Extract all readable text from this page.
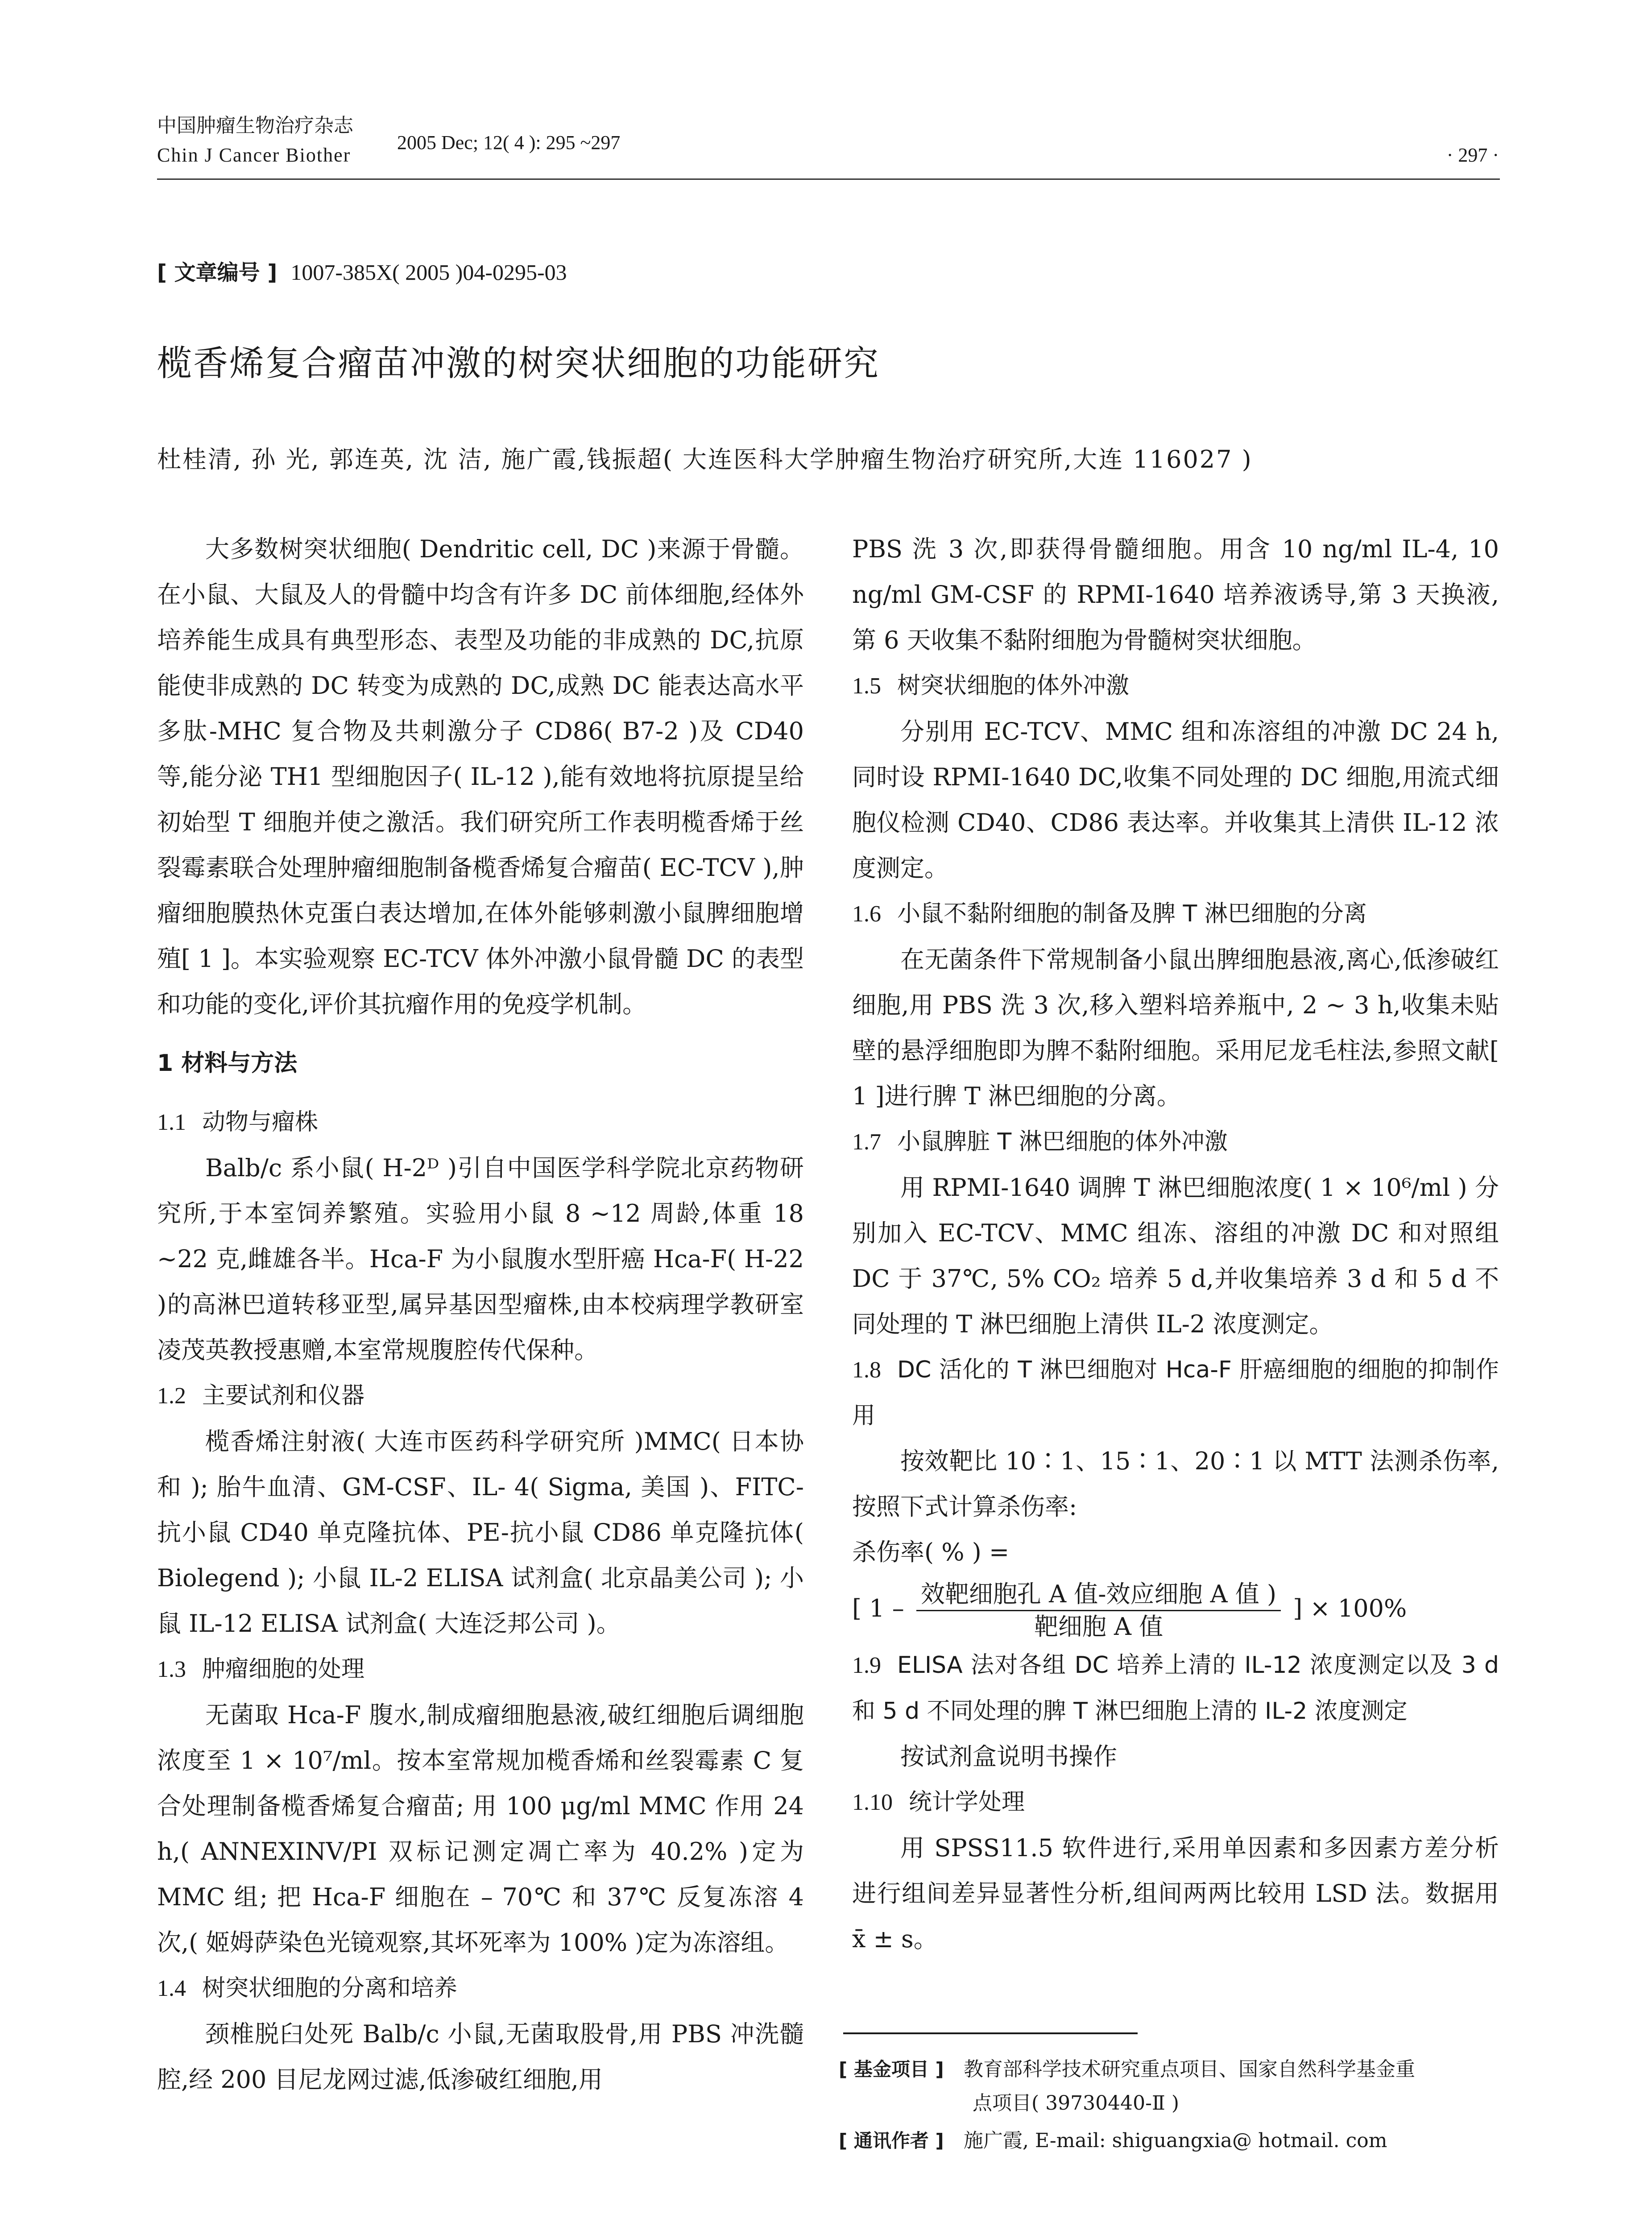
中国肿瘤生物治疗杂志
Chin J Cancer Biother
2005 Dec; 12( 4 ): 295 ~297
· 297 ·
[ 文章编号 ] 1007-385X( 2005 )04-0295-03
榄香烯复合瘤苗冲激的树突状细胞的功能研究
杜桂清, 孙 光, 郭连英, 沈 洁, 施广霞,钱振超( 大连医科大学肿瘤生物治疗研究所,大连 116027 )

大多数树突状细胞( Dendritic cell, DC )来源于骨髓。在小鼠、大鼠及人的骨髓中均含有许多 DC 前体细胞,经体外培养能生成具有典型形态、表型及功能的非成熟的 DC,抗原能使非成熟的 DC 转变为成熟的 DC,成熟 DC 能表达高水平多肽-MHC 复合物及共刺激分子 CD86( B7-2 )及 CD40 等,能分泌 TH1 型细胞因子( IL-12 ),能有效地将抗原提呈给初始型 T 细胞并使之激活。我们研究所工作表明榄香烯于丝裂霉素联合处理肿瘤细胞制备榄香烯复合瘤苗( EC-TCV ),肿瘤细胞膜热休克蛋白表达增加,在体外能够刺激小鼠脾细胞增殖[ 1 ]。本实验观察 EC-TCV 体外冲激小鼠骨髓 DC 的表型和功能的变化,评价其抗瘤作用的免疫学机制。

1 材料与方法

1.1 动物与瘤株

Balb/c 系小鼠( H-2ᴰ )引自中国医学科学院北京药物研究所,于本室饲养繁殖。实验用小鼠 8 ~12 周龄,体重 18 ~22 克,雌雄各半。Hca-F 为小鼠腹水型肝癌 Hca-F( H-22 )的高淋巴道转移亚型,属异基因型瘤株,由本校病理学教研室凌茂英教授惠赠,本室常规腹腔传代保种。

1.2 主要试剂和仪器

榄香烯注射液( 大连市医药科学研究所 )MMC( 日本协和 ); 胎牛血清、GM-CSF、IL- 4( Sigma, 美国 )、FITC-抗小鼠 CD40 单克隆抗体、PE-抗小鼠 CD86 单克隆抗体( Biolegend ); 小鼠 IL-2 ELISA 试剂盒( 北京晶美公司 ); 小鼠 IL-12 ELISA 试剂盒( 大连泛邦公司 )。

1.3 肿瘤细胞的处理

无菌取 Hca-F 腹水,制成瘤细胞悬液,破红细胞后调细胞浓度至 1 × 10⁷/ml。按本室常规加榄香烯和丝裂霉素 C 复合处理制备榄香烯复合瘤苗; 用 100 μg/ml MMC 作用 24 h,( ANNEXINV/PI 双标记测定凋亡率为 40.2% )定为 MMC 组; 把 Hca-F 细胞在 – 70℃ 和 37℃ 反复冻溶 4 次,( 姬姆萨染色光镜观察,其坏死率为 100% )定为冻溶组。

1.4 树突状细胞的分离和培养

颈椎脱臼处死 Balb/c 小鼠,无菌取股骨,用 PBS 冲洗髓腔,经 200 目尼龙网过滤,低渗破红细胞,用

PBS 洗 3 次,即获得骨髓细胞。用含 10 ng/ml IL-4, 10 ng/ml GM-CSF 的 RPMI-1640 培养液诱导,第 3 天换液,第 6 天收集不黏附细胞为骨髓树突状细胞。

1.5 树突状细胞的体外冲激

分别用 EC-TCV、MMC 组和冻溶组的冲激 DC 24 h,同时设 RPMI-1640 DC,收集不同处理的 DC 细胞,用流式细胞仪检测 CD40、CD86 表达率。并收集其上清供 IL-12 浓度测定。

1.6 小鼠不黏附细胞的制备及脾 T 淋巴细胞的分离

在无菌条件下常规制备小鼠出脾细胞悬液,离心,低渗破红细胞,用 PBS 洗 3 次,移入塑料培养瓶中, 2 ~ 3 h,收集未贴壁的悬浮细胞即为脾不黏附细胞。采用尼龙毛柱法,参照文献[ 1 ]进行脾 T 淋巴细胞的分离。

1.7 小鼠脾脏 T 淋巴细胞的体外冲激

用 RPMI-1640 调脾 T 淋巴细胞浓度( 1 × 10⁶/ml ) 分别加入 EC-TCV、MMC 组冻、溶组的冲激 DC 和对照组 DC 于 37℃, 5% CO₂ 培养 5 d,并收集培养 3 d 和 5 d 不同处理的 T 淋巴细胞上清供 IL-2 浓度测定。

1.8 DC 活化的 T 淋巴细胞对 Hca-F 肝癌细胞的细胞的抑制作用

按效靶比 10∶1、15∶1、20∶1 以 MTT 法测杀伤率,按照下式计算杀伤率:

杀伤率( % ) =

[ $1 - \frac{\text{效靶细胞孔 A 值-效应细胞 A 值 )}}{\text{靶细胞 A 值}}$ ] × 100%

1.9 ELISA 法对各组 DC 培养上清的 IL-12 浓度测定以及 3 d 和 5 d 不同处理的脾 T 淋巴细胞上清的 IL-2 浓度测定

按试剂盒说明书操作

1.10 统计学处理

用 SPSS11.5 软件进行,采用单因素和多因素方差分析进行组间差异显著性分析,组间两两比较用 LSD 法。数据用 x̄ ± s。

[ 基金项目 ] 教育部科学技术研究重点项目、国家自然科学基金重
点项目( 39730440-Ⅱ )
[ 通讯作者 ] 施广霞, E-mail: shiguangxia@ hotmail. com
